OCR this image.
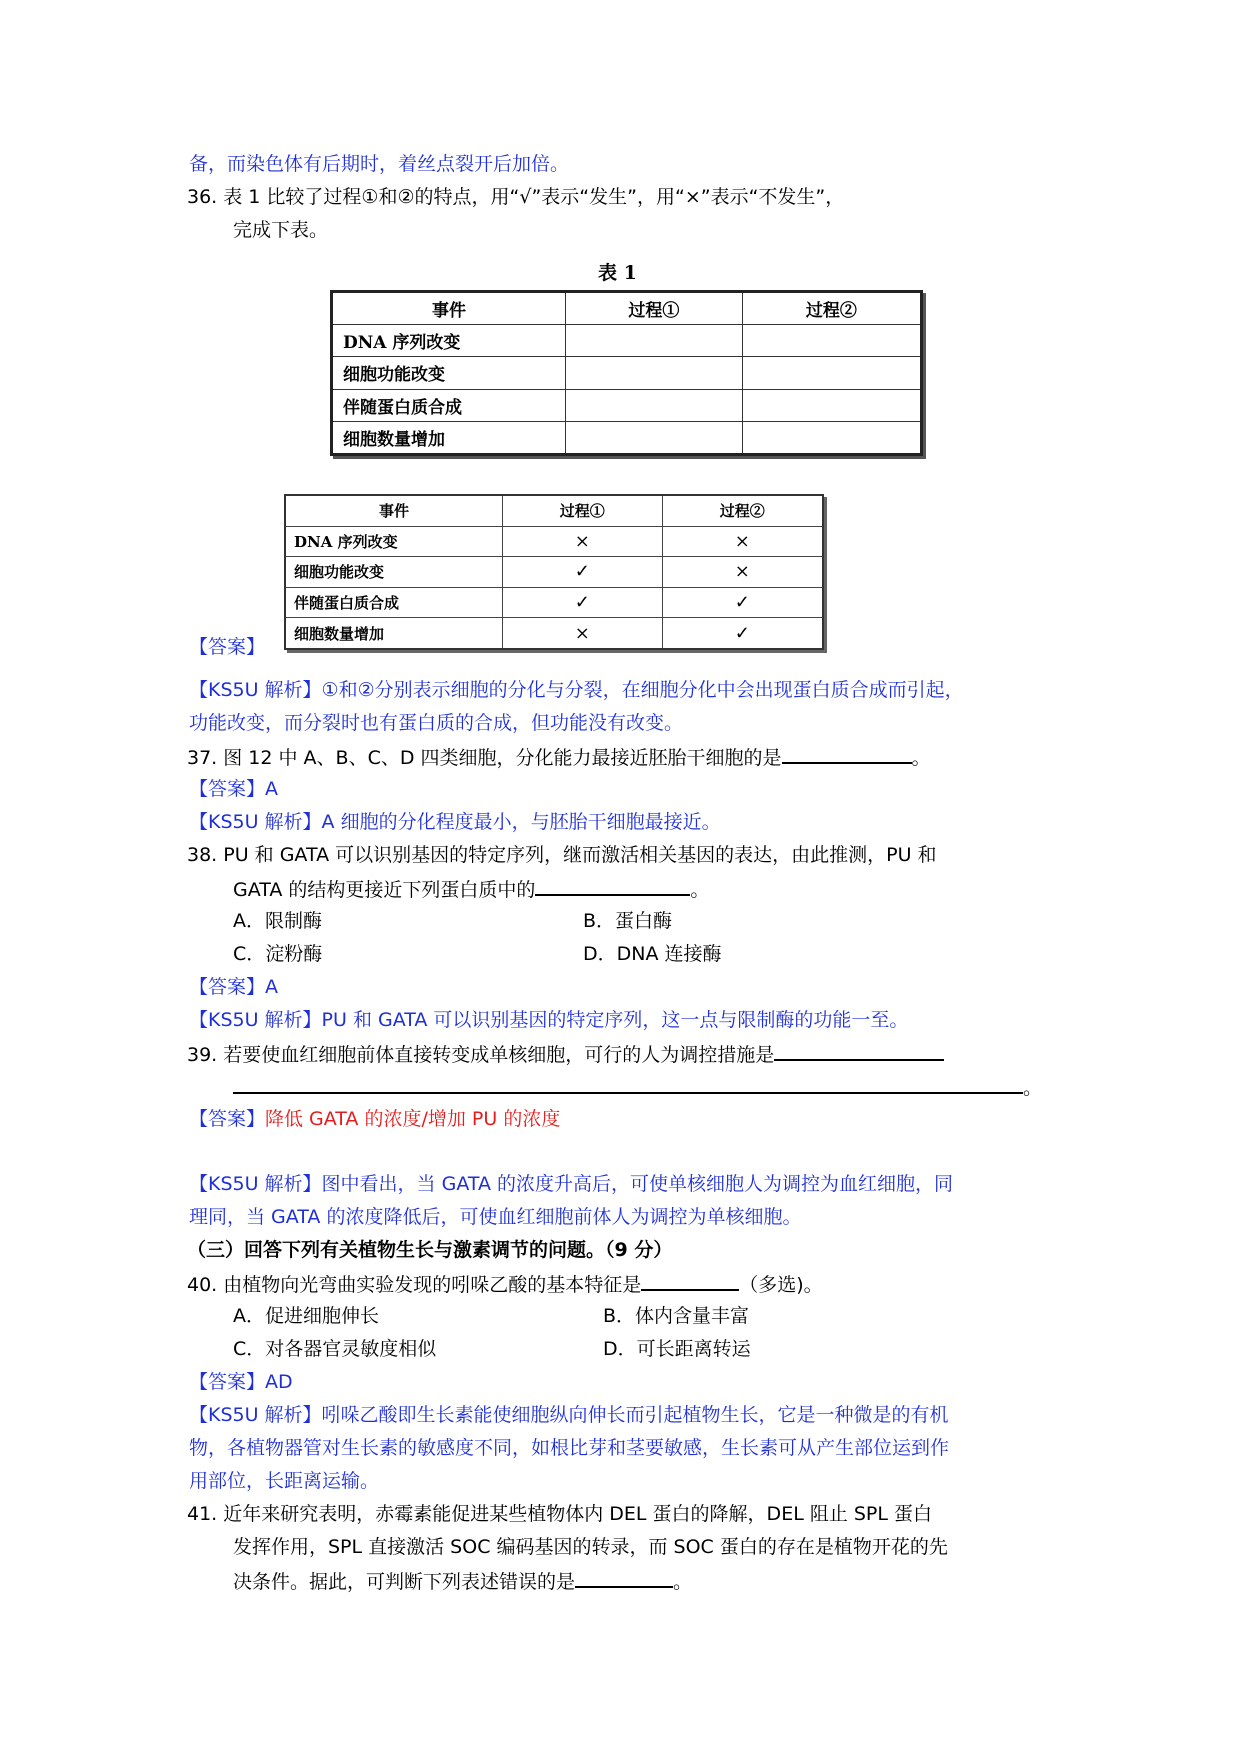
备，而染色体有后期时，着丝点裂开后加倍。
36. 表 1 比较了过程①和②的特点，用“√”表示“发生”，用“×”表示“不发生”，
完成下表。
表 1
事件	过程①	过程②
DNA 序列改变		
细胞功能改变		
伴随蛋白质合成		
细胞数量增加		
事件	过程①	过程②
DNA 序列改变	×	×
细胞功能改变	✓	×
伴随蛋白质合成	✓	✓
细胞数量增加	×	✓
【答案】
【KS5U 解析】①和②分别表示细胞的分化与分裂，在细胞分化中会出现蛋白质合成而引起，
功能改变，而分裂时也有蛋白质的合成，但功能没有改变。
37. 图 12 中 A、B、C、D 四类细胞，分化能力最接近胚胎干细胞的是	。
【答案】A
【KS5U 解析】A 细胞的分化程度最小，与胚胎干细胞最接近。
38. PU 和 GATA 可以识别基因的特定序列，继而激活相关基因的表达，由此推测，PU 和
GATA 的结构更接近下列蛋白质中的	。
A．限制酶	B．蛋白酶
C．淀粉酶	D．DNA 连接酶
【答案】A
【KS5U 解析】PU 和 GATA 可以识别基因的特定序列，这一点与限制酶的功能一至。
39. 若要使血红细胞前体直接转变成单核细胞，可行的人为调控措施是
。
【答案】降低 GATA 的浓度/增加 PU 的浓度
【KS5U 解析】图中看出，当 GATA 的浓度升高后，可使单核细胞人为调控为血红细胞，同
理同，当 GATA 的浓度降低后，可使血红细胞前体人为调控为单核细胞。
（三）回答下列有关植物生长与激素调节的问题。（9 分）
40. 由植物向光弯曲实验发现的吲哚乙酸的基本特征是	（多选)。
A．促进细胞伸长	B．体内含量丰富
C．对各器官灵敏度相似	D．可长距离转运
【答案】AD
【KS5U 解析】吲哚乙酸即生长素能使细胞纵向伸长而引起植物生长，它是一种微是的有机
物，各植物器管对生长素的敏感度不同，如根比芽和茎要敏感，生长素可从产生部位运到作
用部位，长距离运输。
41. 近年来研究表明，赤霉素能促进某些植物体内 DEL 蛋白的降解，DEL 阻止 SPL 蛋白
发挥作用，SPL 直接激活 SOC 编码基因的转录，而 SOC 蛋白的存在是植物开花的先
决条件。据此，可判断下列表述错误的是	。
